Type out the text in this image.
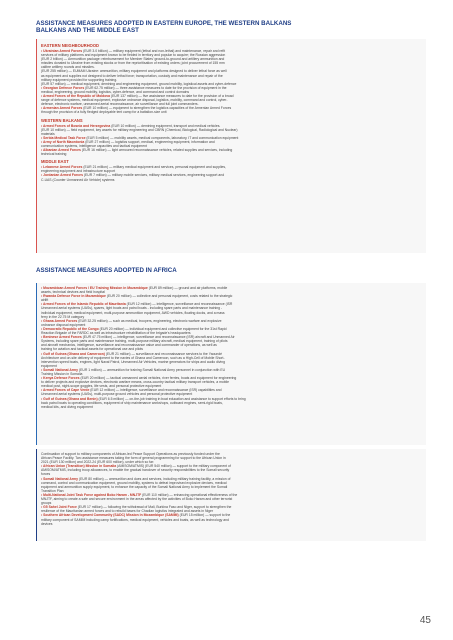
ASSISTANCE MEASURES ADOPTED IN EASTERN EUROPE, THE WESTERN BALKANS
BALKANS AND THE MIDDLE EAST
EASTERN NEIGHBOURHOOD
• Ukrainian Armed Forces (EUR 3.0 billion) — military equipment (lethal and non-lethal) and maintenance, repair and refit
services of military platforms and equipment known to be fielded in territory and popular to acquire; the Russian aggression
(EUR 2 billion) — Ammunition package: reimbursement for Member States' ground-to-ground and artillery ammunition and
missiles donated to Ukraine from existing stocks or from the reprioritisation of existing orders; joint procurement of 155 mm
calibre artillery rounds and missiles.
(EUR 255 million) — EUMAM Ukraine: ammunition, military equipment and platforms designed to deliver lethal force as well
as equipment and supplies not designed to deliver lethal force; transportation, custody and maintenance and repair of the
military equipment provided for supporting training.
(EUR 57 million) — medical equipment, demining and engineering equipment, ground mobility, logistical assets and cyber-defence
• Georgian Defence Forces (EUR 62.75 million) — three assistance measures to date for the provision of equipment in the
medical, engineering, ground mobility, logistics, cyber-defence, and command and control domains
• Armed Forces of the Republic of Moldova (EUR 137 million) — five assistance measures to date for the provision of a broad
range of defence systems, medical equipment, explosive ordnance disposal, logistics, mobility, command and control, cyber-
defence, electronic warfare, unmanned aerial reconnaissance, air surveillance and full joint commanders.
• Armenian Armed Forces (EUR 10 million) — equipment to strengthen the logistics capacities of the Armenian Armed Forces
through the provision of a fully fledged deployable tent camp for a battalion-size unit
WESTERN BALKANS
• Armed Forces of Bosnia and Herzegovina (EUR 10 million) — demining equipment, transport and medical vehicles.
(EUR 10 million) — field equipment, key assets for military engineering and CBRN (Chemical, Biological, Radiological and Nuclear)
materials
• Serbia Medical Task Force (EUR 5 million) — mobility assets, medical components, laboratory, IT and communication equipment
• Army of North Macedonia (EUR 27 million) — logistics support, medical, engineering equipment, information and
communication systems, intelligence capacities and tactical equipment
• Albanian Armed Forces (EUR 16 million) — light armoured reconnaissance vehicles, related supplies and services, including
technical training
MIDDLE EAST
• Lebanese Armed Forces (EUR 21 million) — military medical equipment and services, personal equipment and supplies,
engineering equipment and infrastructure support
• Jordanian Armed Forces (EUR 7 million) — military mobile services, military medical services, engineering support and
C-UAS (Counter Unmanned Air Vehicle) systems
ASSISTANCE MEASURES ADOPTED IN AFRICA
• Mozambican Armed Forces / EU Training Mission in Mozambique (EUR 89 million) — ground and air platforms, mobile
assets, technical devices and field hospital
• Rwanda Defence Force in Mozambique (EUR 20 million) — collective and personal equipment, costs related to the strategic
airlift
• Armed Forces of the Islamic Republic of Mauritania (EUR 12 million) — intelligence, surveillance and reconnaissance (ISR
Unmanned aerial systems (UASs), spares, light boats and patrol boats - including spare parts and maintenance training -
individual equipment, medical equipment, multi-purpose ammunition equipment, AWD vehicles, floating docks, and a mass
ferry in the 22.75 M category
• Ghana Armed Forces (EUR 32.25 million) — such as medical, troopers, engineering, electronic warfare and explosive
ordnance disposal equipment
• Democratic Republic of the Congo (EUR 20 million) — individual equipment and collective equipment for the 31st Rapid
Reaction Brigade of the FARDC as well as infrastructure rehabilitation of the brigade's headquarters
• Beninese Armed Forces (EUR 47.75 million) — intelligence, surveillance and reconnaissance (ISR) aircraft and Unmanned Air
Systems, including spare parts and maintenance training, multi-purpose military aircraft, medical equipment, training of pilots
and aircraft mechanics, intelligence, surveillance and reconnaissance value and commander of operations, as well as
training for aviation and tactical assets for operational use and pilots
• Gulf of Guinea (Ghana and Cameroon) (EUR 21 million) — surveillance and reconnaissance services to the Yaoundé
Architecture and on-site delivery of equipment to the navies of Ghana and Cameroon, such as a High-Cell of Mobile Short-
intervention speed boats, engines, light Naval Patrol, Unmanned Air Vehicles, marine generators for ships and audio diving
equipment
• Somali National Army (EUR 1 million) — ammunition for training Somali National Army personnel in conjunction with EU
Training Mission in Somalia
• Kenya Defence Forces (EUR 20 million) — tactical unmanned aerial vehicles, river ferries, boats and equipment for engineering
to deliver projects and explosive devices, electronic warfare means, cross-country tactical military transport vehicles, a mobile
medical post, night-scope goggles, life vests, and personal protective equipment
• Armed Forces of Cape Verde (EUR 12 million) — intelligence, surveillance and reconnaissance (ISR) capabilities and
Unmanned aerial systems (UASs), multi-purpose ground vehicles and personal protective equipment
• Gulf of Guinea (Ghana and Benin) (EUR 6.5 million) — on-the-job training in boat education and assistance to support efforts to bring
back patrol boats to operating conditions, equipment of ship maintenance workshops, outboard engines, semi-rigid boats,
medical kits, and diving equipment
Continuation of support to military components of African-led Peace Support Operations as previously funded under the
African Peace Facility. Two assistance measures taking the form of general programming for support to the African Union in
2021 (EUR 130 million) and 2022-24 (EUR 600 million), under which so far:
• African Union (Transition) Mission in Somalia (AMISOM/ATMIS) (EUR 540 million) — support to the military component of
AMISOM/ATMIS, including troop allowances, to enable the gradual handover of security responsibilities to the Somali security
forces
• Somali National Army (EUR 80 million) — ammunition and dues and services, including military training facility, a mission of
command, control and communication equipment, ground mobility, systems to defeat improvised explosive devices, medical
equipment and ammunition supply equipment, to enhance the capacity of the Somali National Army to implement the Somali
Transition Plan
• Multi-National Joint Task Force against Boko Haram - MNJTF (EUR 110 million) — enhancing operational effectiveness of the
MNJTF, aiming to create a safe and secure environment in the areas affected by the activities of Boko Haram and other terrorist
groups
• G5 Sahel Joint Force (EUR 17 million) — following the withdrawal of Mali, Burkina Faso and Niger, support to strengthen the
resilience of the Mauritanian armed forces and to rebuild bases for Chadian logistics integrated and assets in Niger
• Southern African Development Community (SADC) Mission in Mozambique (SAMIM) (EUR 15 million) — support to the
military component of SAMIM including camp fortifications, medical equipment, vehicles and boats, as well as technology and
devices
45
